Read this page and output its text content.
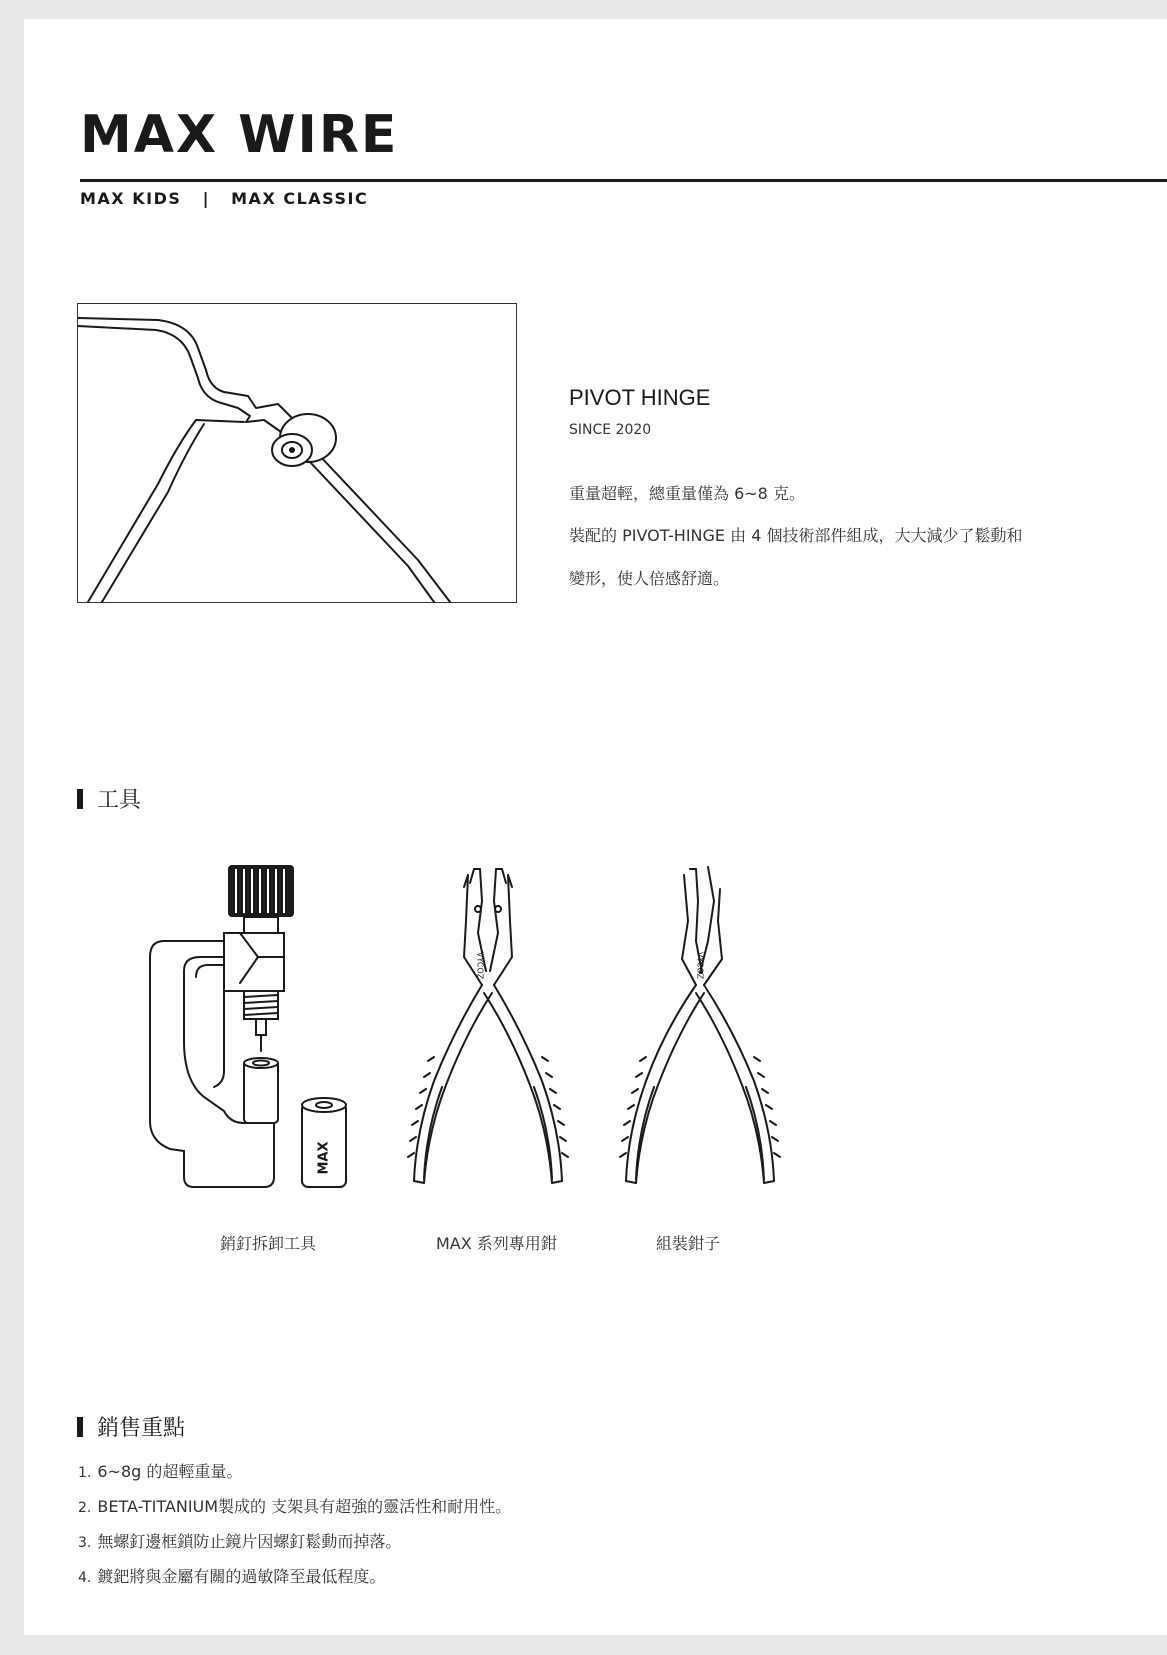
MAX WIRE
MAX KIDS   |   MAX CLASSIC
PIVOT HINGE
SINCE 2020
重量超輕，總重量僅為 6~8 克。
裝配的 PIVOT-HINGE 由 4 個技術部件組成，大大減少了鬆動和
變形，使人倍感舒適。
工具
MAX
VYCOZ	VYCOZ
銷釘拆卸工具	MAX 系列專用鉗	組裝鉗子
銷售重點
1. 6~8g 的超輕重量。
2. BETA-TITANIUM製成的 支架具有超強的靈活性和耐用性。
3. 無螺釘邊框鎖防止鏡片因螺釘鬆動而掉落。
4. 鍍鈀將與金屬有關的過敏降至最低程度。
